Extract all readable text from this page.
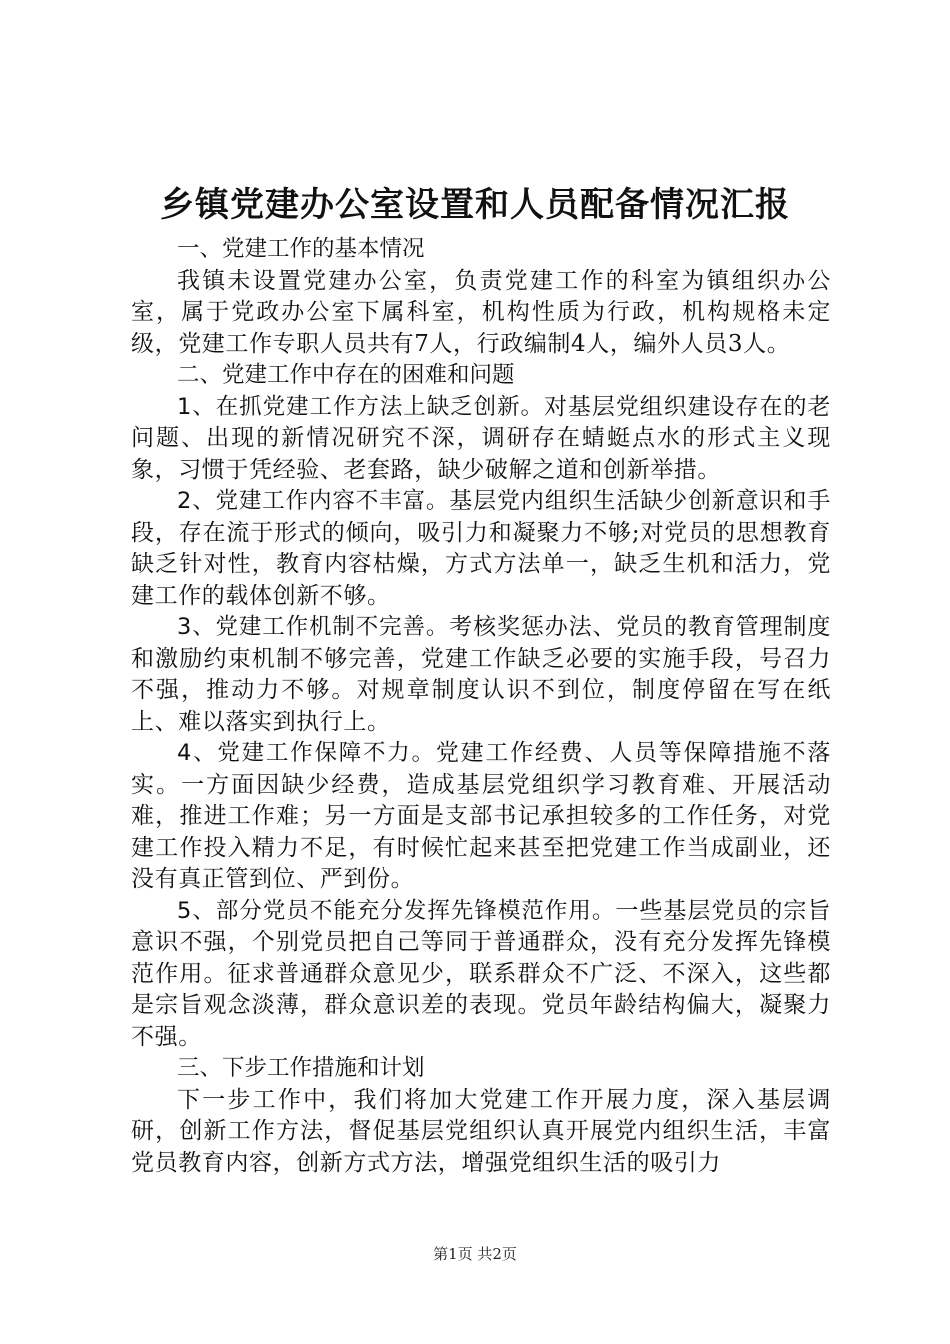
乡镇党建办公室设置和人员配备情况汇报

一、党建工作的基本情况

我镇未设置党建办公室，负责党建工作的科室为镇组织办公室，属于党政办公室下属科室，机构性质为行政，机构规格未定级，党建工作专职人员共有7人，行政编制4人，编外人员3人。

二、党建工作中存在的困难和问题

1、在抓党建工作方法上缺乏创新。对基层党组织建设存在的老问题、出现的新情况研究不深，调研存在蜻蜓点水的形式主义现象，习惯于凭经验、老套路，缺少破解之道和创新举措。

2、党建工作内容不丰富。基层党内组织生活缺少创新意识和手段，存在流于形式的倾向，吸引力和凝聚力不够;对党员的思想教育缺乏针对性，教育内容枯燥，方式方法单一，缺乏生机和活力，党建工作的载体创新不够。

3、党建工作机制不完善。考核奖惩办法、党员的教育管理制度和激励约束机制不够完善，党建工作缺乏必要的实施手段，号召力不强，推动力不够。对规章制度认识不到位，制度停留在写在纸上、难以落实到执行上。

4、党建工作保障不力。党建工作经费、人员等保障措施不落实。一方面因缺少经费，造成基层党组织学习教育难、开展活动难，推进工作难；另一方面是支部书记承担较多的工作任务，对党建工作投入精力不足，有时候忙起来甚至把党建工作当成副业，还没有真正管到位、严到份。

5、部分党员不能充分发挥先锋模范作用。一些基层党员的宗旨意识不强，个别党员把自己等同于普通群众，没有充分发挥先锋模范作用。征求普通群众意见少，联系群众不广泛、不深入，这些都是宗旨观念淡薄，群众意识差的表现。党员年龄结构偏大，凝聚力不强。

三、下步工作措施和计划

下一步工作中，我们将加大党建工作开展力度，深入基层调研，创新工作方法，督促基层党组织认真开展党内组织生活，丰富党员教育内容，创新方式方法，增强党组织生活的吸引力

第1页 共2页
